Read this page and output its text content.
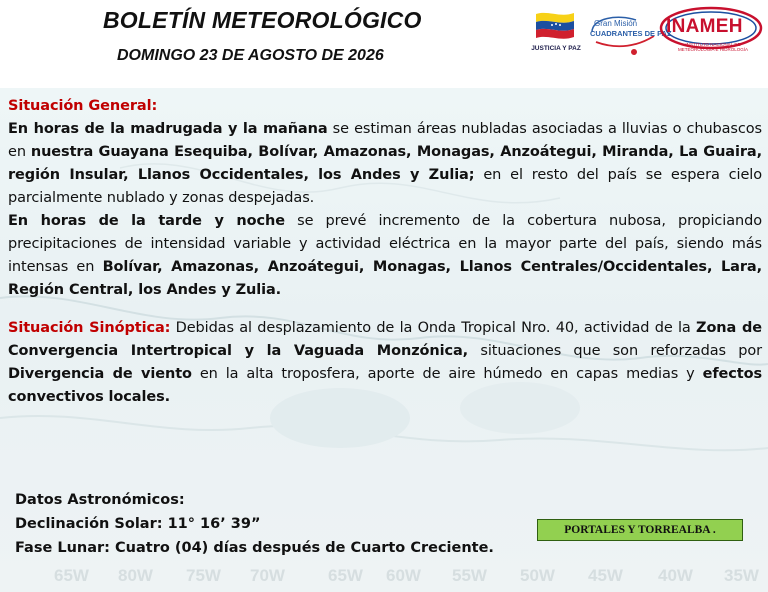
65W 80W 75W 70W	65W 60W 55W 50W 45W 40W 35W
BOLETÍN METEOROLÓGICO
DOMINGO 23 DE AGOSTO DE 2026	JUSTICIA Y PAZ
Gran Misión
CUADRANTES DE PAZ
INAMEH
INSTITUTO NACIONAL DE METEOROLOGÍA E HIDROLOGÍA
Situación General:

En horas de la madrugada y la mañana se estiman áreas nubladas asociadas a lluvias o chubascos en nuestra Guayana Esequiba, Bolívar, Amazonas, Monagas, Anzoátegui, Miranda, La Guaira, región Insular, Llanos Occidentales, los Andes y Zulia; en el resto del país se espera cielo parcialmente nublado y zonas despejadas.

En horas de la tarde y noche se prevé incremento de la cobertura nubosa, propiciando precipitaciones de intensidad variable y actividad eléctrica en la mayor parte del país, siendo más intensas en Bolívar, Amazonas, Anzoátegui, Monagas, Llanos Centrales/Occidentales, Lara, Región Central, los Andes y Zulia.

Situación Sinóptica: Debidas al desplazamiento de la Onda Tropical Nro. 40, actividad de la Zona de Convergencia Intertropical y la Vaguada Monzónica, situaciones que son reforzadas por Divergencia de viento en la alta troposfera, aporte de aire húmedo en capas medias y efectos convectivos locales.

Datos Astronómicos:
Declinación Solar: 11° 16’ 39”
Fase Lunar: Cuatro (04) días después de Cuarto Creciente.
PORTALES Y TORREALBA .
